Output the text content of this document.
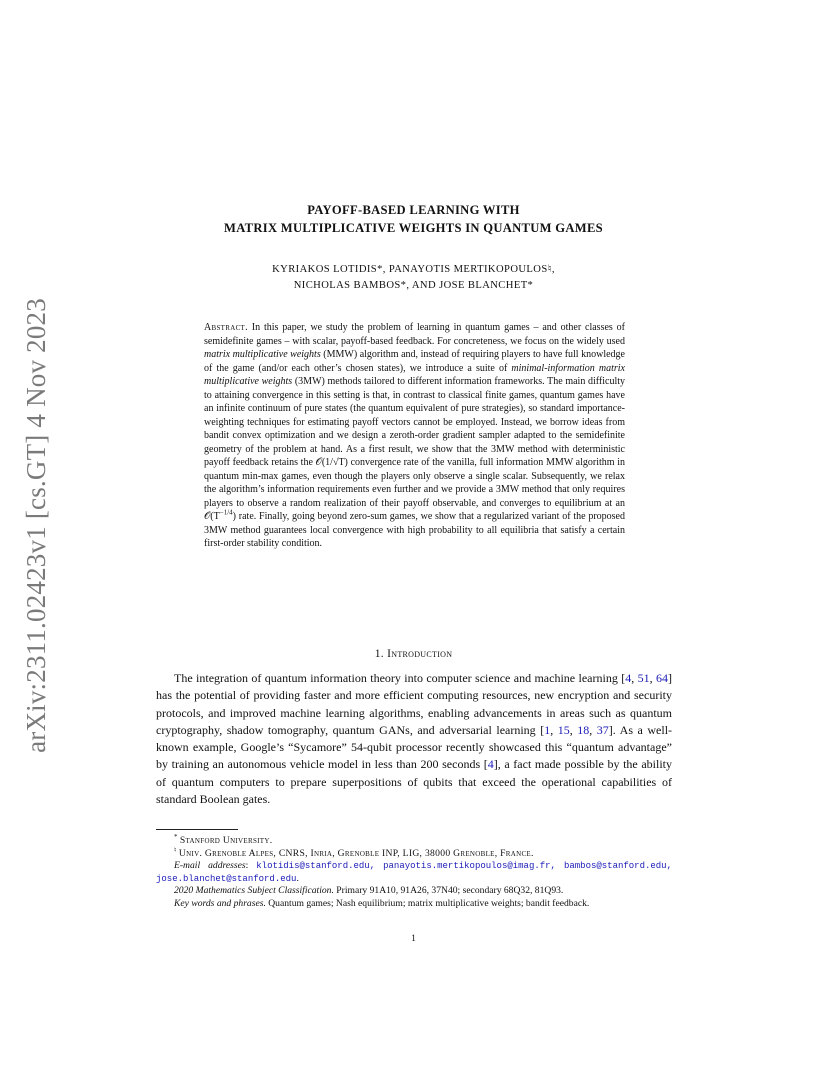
arXiv:2311.02423v1 [cs.GT] 4 Nov 2023
PAYOFF-BASED LEARNING WITH
MATRIX MULTIPLICATIVE WEIGHTS IN QUANTUM GAMES
KYRIAKOS LOTIDIS*, PANAYOTIS MERTIKOPOULOS♮,
NICHOLAS BAMBOS*, AND JOSE BLANCHET*
Abstract. In this paper, we study the problem of learning in quantum games – and other classes of semidefinite games – with scalar, payoff-based feedback. For concreteness, we focus on the widely used matrix multiplicative weights (MMW) algorithm and, instead of requiring players to have full knowledge of the game (and/or each other’s chosen states), we introduce a suite of minimal-information matrix multiplicative weights (3MW) methods tailored to different information frameworks. The main difficulty to attaining convergence in this setting is that, in contrast to classical finite games, quantum games have an infinite continuum of pure states (the quantum equivalent of pure strategies), so standard importance-weighting techniques for estimating payoff vectors cannot be employed. Instead, we borrow ideas from bandit convex optimization and we design a zeroth-order gradient sampler adapted to the semidefinite geometry of the problem at hand. As a first result, we show that the 3MW method with deterministic payoff feedback retains the 𝒪(1/√T) convergence rate of the vanilla, full information MMW algorithm in quantum min-max games, even though the players only observe a single scalar. Subsequently, we relax the algorithm’s information requirements even further and we provide a 3MW method that only requires players to observe a random realization of their payoff observable, and converges to equilibrium at an $𝒪(T^{-1/4})$ rate. Finally, going beyond zero-sum games, we show that a regularized variant of the proposed 3MW method guarantees local convergence with high probability to all equilibria that satisfy a certain first-order stability condition.
1. Introduction
The integration of quantum information theory into computer science and machine learning [4, 51, 64] has the potential of providing faster and more efficient computing resources, new encryption and security protocols, and improved machine learning algorithms, enabling advancements in areas such as quantum cryptography, shadow tomography, quantum GANs, and adversarial learning [1, 15, 18, 37]. As a well-known example, Google’s “Sycamore” 54-qubit processor recently showcased this “quantum advantage” by training an autonomous vehicle model in less than 200 seconds [4], a fact made possible by the ability of quantum computers to prepare superpositions of qubits that exceed the operational capabilities of standard Boolean gates.
* Stanford University.
♮ Univ. Grenoble Alpes, CNRS, Inria, Grenoble INP, LIG, 38000 Grenoble, France.
E-mail addresses: klotidis@stanford.edu, panayotis.mertikopoulos@imag.fr, bambos@stanford.edu, jose.blanchet@stanford.edu.
2020 Mathematics Subject Classification. Primary 91A10, 91A26, 37N40; secondary 68Q32, 81Q93.
Key words and phrases. Quantum games; Nash equilibrium; matrix multiplicative weights; bandit feedback.
1
